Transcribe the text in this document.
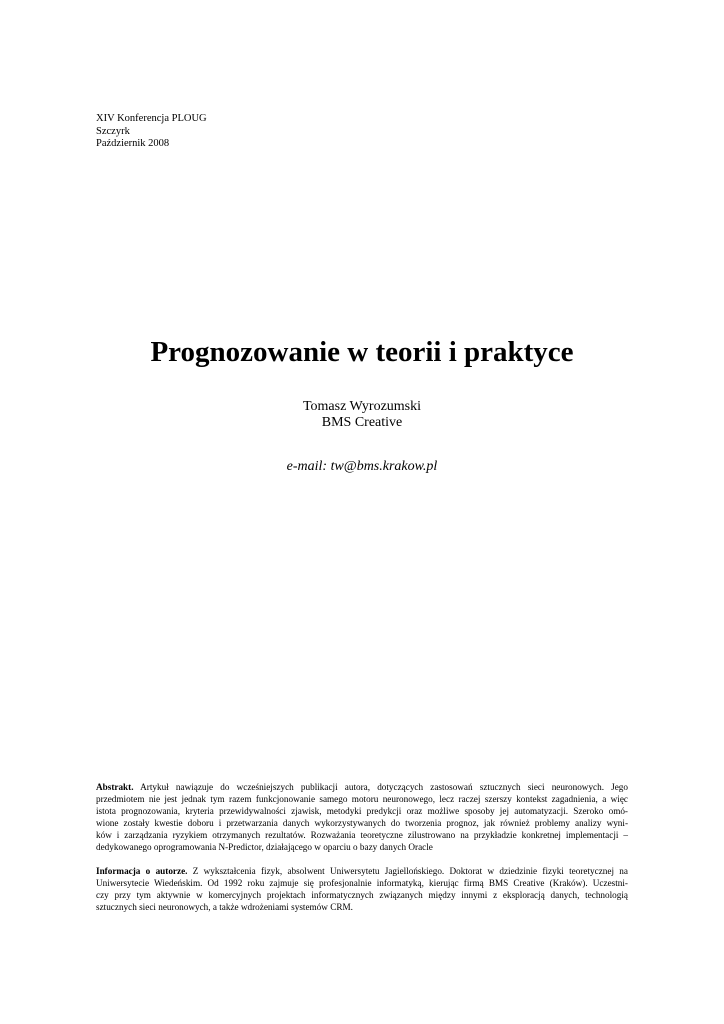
XIV Konferencja PLOUG
Szczyrk
Październik 2008
Prognozowanie w teorii i praktyce
Tomasz Wyrozumski
BMS Creative
e-mail: tw@bms.krakow.pl
Abstrakt. Artykuł nawiązuje do wcześniejszych publikacji autora, dotyczących zastosowań sztucznych sieci neuronowych. Jego
przedmiotem nie jest jednak tym razem funkcjonowanie samego motoru neuronowego, lecz raczej szerszy kontekst zagadnienia, a więc
istota prognozowania, kryteria przewidywalności zjawisk, metodyki predykcji oraz możliwe sposoby jej automatyzacji. Szeroko omó-
wione zostały kwestie doboru i przetwarzania danych wykorzystywanych do tworzenia prognoz, jak również problemy analizy wyni-
ków i zarządzania ryzykiem otrzymanych rezultatów. Rozważania teoretyczne zilustrowano na przykładzie konkretnej implementacji –
dedykowanego oprogramowania N-Predictor, działającego w oparciu o bazy danych Oracle
Informacja o autorze. Z wykształcenia fizyk, absolwent Uniwersytetu Jagiellońskiego. Doktorat w dziedzinie fizyki teoretycznej na
Uniwersytecie Wiedeńskim. Od 1992 roku zajmuje się profesjonalnie informatyką, kierując firmą BMS Creative (Kraków). Uczestni-
czy przy tym aktywnie w komercyjnych projektach informatycznych związanych między innymi z eksploracją danych, technologią
sztucznych sieci neuronowych, a także wdrożeniami systemów CRM.
